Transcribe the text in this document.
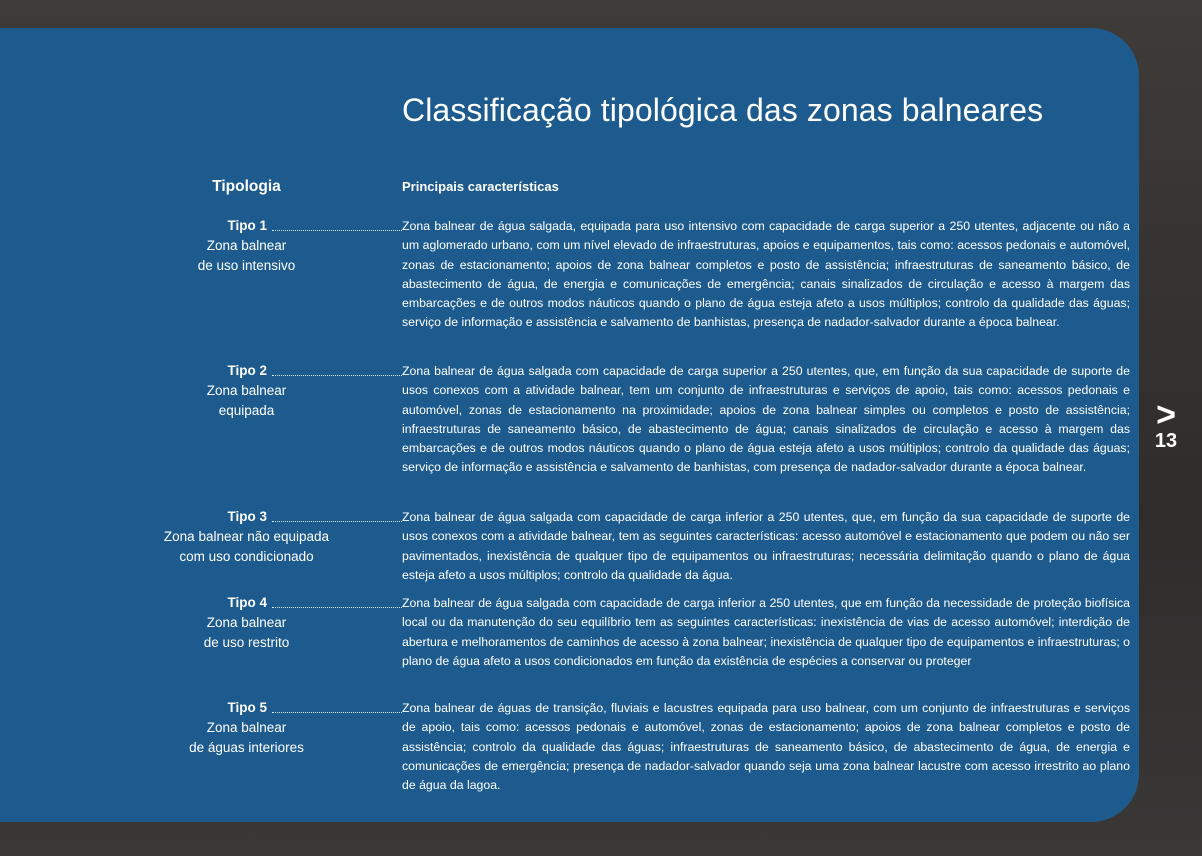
Classificação tipológica das zonas balneares
Tipologia	Principais características
Tipo 1
Zona balnear
de uso intensivo

Zona balnear de água salgada, equipada para uso intensivo com capacidade de carga superior a 250 utentes, adjacente ou não a um aglomerado urbano, com um nível elevado de infraestruturas, apoios e equipamentos, tais como: acessos pedonais e automóvel, zonas de estacionamento; apoios de zona balnear completos e posto de assistência; infraestruturas de saneamento básico, de abastecimento de água, de energia e comunicações de emergência; canais sinalizados de circulação e acesso à margem das embarcações e de outros modos náuticos quando o plano de água esteja afeto a usos múltiplos; controlo da qualidade das águas; serviço de informação e assistência e salvamento de banhistas, presença de nadador-salvador durante a época balnear.

Tipo 2
Zona balnear
equipada

Zona balnear de água salgada com capacidade de carga superior a 250 utentes, que, em função da sua capacidade de suporte de usos conexos com a atividade balnear, tem um conjunto de infraestruturas e serviços de apoio, tais como: acessos pedonais e automóvel, zonas de estacionamento na proximidade; apoios de zona balnear simples ou completos e posto de assistência; infraestruturas de saneamento básico, de abastecimento de água; canais sinalizados de circulação e acesso à margem das embarcações e de outros modos náuticos quando o plano de água esteja afeto a usos múltiplos; controlo da qualidade das águas; serviço de informação e assistência e salvamento de banhistas, com presença de nadador-salvador durante a época balnear.

Tipo 3
Zona balnear não equipada
com uso condicionado

Zona balnear de água salgada com capacidade de carga inferior a 250 utentes, que, em função da sua capacidade de suporte de usos conexos com a atividade balnear, tem as seguintes características: acesso automóvel e estacionamento que podem ou não ser pavimentados, inexistência de qualquer tipo de equipamentos ou infraestruturas; necessária delimitação quando o plano de água esteja afeto a usos múltiplos; controlo da qualidade da água.

Tipo 4
Zona balnear
de uso restrito

Zona balnear de água salgada com capacidade de carga inferior a 250 utentes, que em função da necessidade de proteção biofísica local ou da manutenção do seu equilíbrio tem as seguintes características: inexistência de vias de acesso automóvel; interdição de abertura e melhoramentos de caminhos de acesso à zona balnear; inexistência de qualquer tipo de equipamentos e infraestruturas; o plano de água afeto a usos condicionados em função da existência de espécies a conservar ou proteger

Tipo 5
Zona balnear
de águas interiores

Zona balnear de águas de transição, fluviais e lacustres equipada para uso balnear, com um conjunto de infraestruturas e serviços de apoio, tais como: acessos pedonais e automóvel, zonas de estacionamento; apoios de zona balnear completos e posto de assistência; controlo da qualidade das águas; infraestruturas de saneamento básico, de abastecimento de água, de energia e comunicações de emergência; presença de nadador-salvador quando seja uma zona balnear lacustre com acesso irrestrito ao plano de água da lagoa.

>
13
